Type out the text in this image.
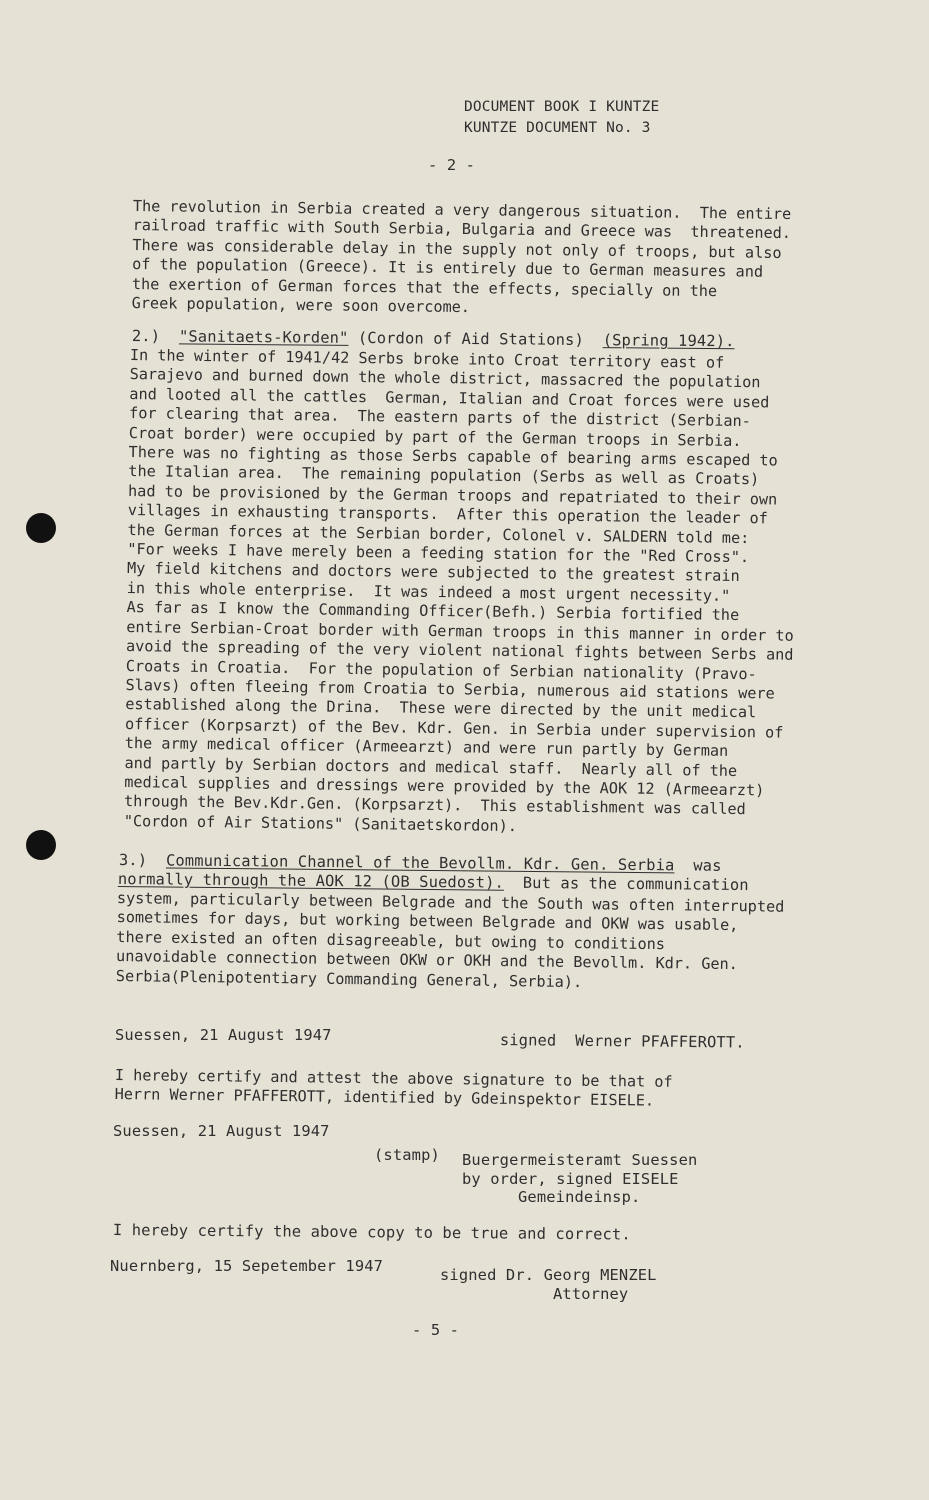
DOCUMENT BOOK I KUNTZE
KUNTZE DOCUMENT No. 3
- 2 -
The revolution in Serbia created a very dangerous situation.  The entire
railroad traffic with South Serbia, Bulgaria and Greece was  threatened.
There was considerable delay in the supply not only of troops, but also
of the population (Greece). It is entirely due to German measures and
the exertion of German forces that the effects, specially on the
Greek population, were soon overcome.
2.) "Sanitaets-Korden" (Cordon of Aid Stations) (Spring 1942).
In the winter of 1941/42 Serbs broke into Croat territory east of
Sarajevo and burned down the whole district, massacred the population
and looted all the cattles  German, Italian and Croat forces were used
for clearing that area.  The eastern parts of the district (Serbian-
Croat border) were occupied by part of the German troops in Serbia.
There was no fighting as those Serbs capable of bearing arms escaped to
the Italian area.  The remaining population (Serbs as well as Croats)
had to be provisioned by the German troops and repatriated to their own
villages in exhausting transports.  After this operation the leader of
the German forces at the Serbian border, Colonel v. SALDERN told me:
"For weeks I have merely been a feeding station for the "Red Cross".
My field kitchens and doctors were subjected to the greatest strain
in this whole enterprise.  It was indeed a most urgent necessity."
As far as I know the Commanding Officer(Befh.) Serbia fortified the
entire Serbian-Croat border with German troops in this manner in order to
avoid the spreading of the very violent national fights between Serbs and
Croats in Croatia.  For the population of Serbian nationality (Pravo-
Slavs) often fleeing from Croatia to Serbia, numerous aid stations were
established along the Drina.  These were directed by the unit medical
officer (Korpsarzt) of the Bev. Kdr. Gen. in Serbia under supervision of
the army medical officer (Armeearzt) and were run partly by German
and partly by Serbian doctors and medical staff.  Nearly all of the
medical supplies and dressings were provided by the AOK 12 (Armeearzt)
through the Bev.Kdr.Gen. (Korpsarzt).  This establishment was called
"Cordon of Air Stations" (Sanitaetskordon).
3.) Communication Channel of the Bevollm. Kdr. Gen. Serbia was
normally through the AOK 12 (OB Suedost).  But as the communication
system, particularly between Belgrade and the South was often interrupted
sometimes for days, but working between Belgrade and OKW was usable,
there existed an often disagreeable, but owing to conditions
unavoidable connection between OKW or OKH and the Bevollm. Kdr. Gen.
Serbia(Plenipotentiary Commanding General, Serbia).
Suessen, 21 August 1947	signed  Werner PFAFFEROTT.
I hereby certify and attest the above signature to be that of
Herrn Werner PFAFFEROTT, identified by Gdeinspektor EISELE.
Suessen, 21 August 1947
(stamp) Buergermeisteramt Suessen
by order, signed EISELE
Gemeindeinsp.
I hereby certify the above copy to be true and correct.
Nuernberg, 15 Sepetember 1947	signed Dr. Georg MENZEL
Attorney
- 5 -
